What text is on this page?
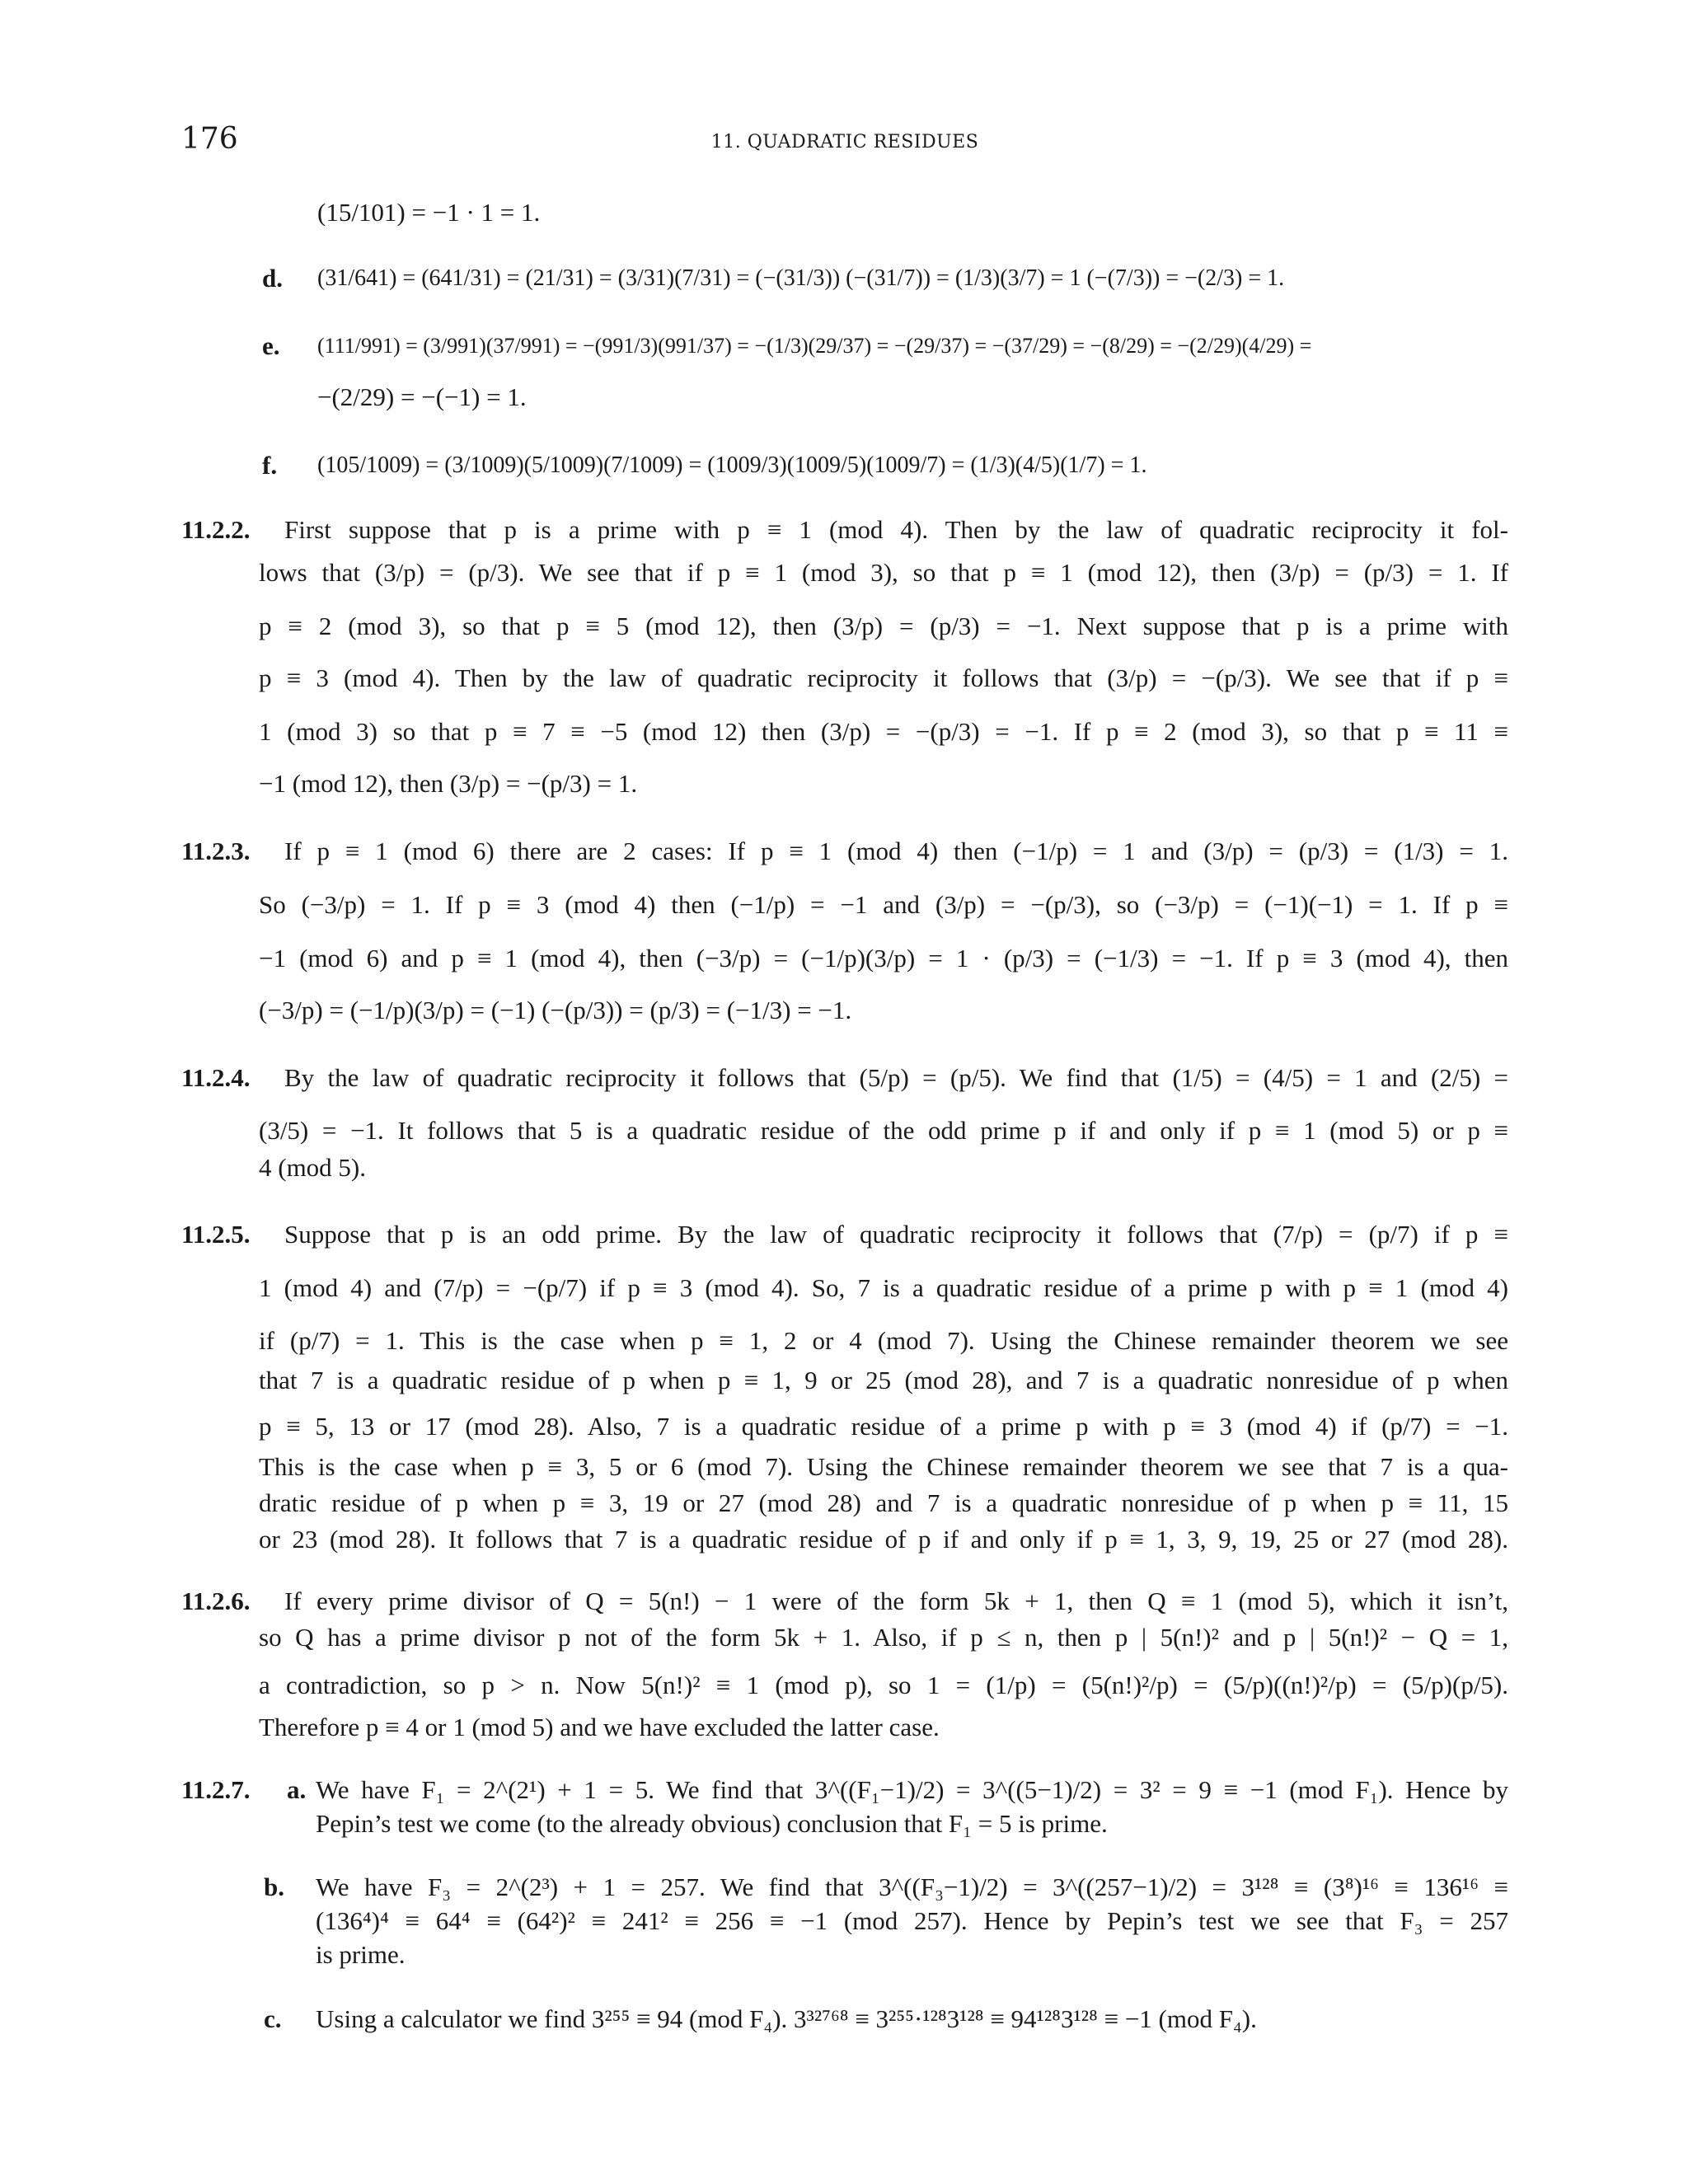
176	11. QUADRATIC RESIDUES
(15/101) = −1 · 1 = 1.
d. (31/641) = (641/31) = (21/31) = (3/31)(7/31) = (−(31/3)) (−(31/7)) = (1/3)(3/7) = 1 (−(7/3)) = −(2/3) = 1.
e. (111/991) = (3/991)(37/991) = −(991/3)(991/37) = −(1/3)(29/37) = −(29/37) = −(37/29) = −(8/29) = −(2/29)(4/29) =
−(2/29) = −(−1) = 1.
f. (105/1009) = (3/1009)(5/1009)(7/1009) = (1009/3)(1009/5)(1009/7) = (1/3)(4/5)(1/7) = 1.
11.2.2. First suppose that p is a prime with p ≡ 1 (mod 4). Then by the law of quadratic reciprocity it fol-
lows that (3/p) = (p/3). We see that if p ≡ 1 (mod 3), so that p ≡ 1 (mod 12), then (3/p) = (p/3) = 1. If
p ≡ 2 (mod 3), so that p ≡ 5 (mod 12), then (3/p) = (p/3) = −1. Next suppose that p is a prime with
p ≡ 3 (mod 4). Then by the law of quadratic reciprocity it follows that (3/p) = −(p/3). We see that if p ≡
1 (mod 3) so that p ≡ 7 ≡ −5 (mod 12) then (3/p) = −(p/3) = −1. If p ≡ 2 (mod 3), so that p ≡ 11 ≡
−1 (mod 12), then (3/p) = −(p/3) = 1.
11.2.3. If p ≡ 1 (mod 6) there are 2 cases: If p ≡ 1 (mod 4) then (−1/p) = 1 and (3/p) = (p/3) = (1/3) = 1.
So (−3/p) = 1. If p ≡ 3 (mod 4) then (−1/p) = −1 and (3/p) = −(p/3), so (−3/p) = (−1)(−1) = 1. If p ≡
−1 (mod 6) and p ≡ 1 (mod 4), then (−3/p) = (−1/p)(3/p) = 1 · (p/3) = (−1/3) = −1. If p ≡ 3 (mod 4), then
(−3/p) = (−1/p)(3/p) = (−1) (−(p/3)) = (p/3) = (−1/3) = −1.
11.2.4. By the law of quadratic reciprocity it follows that (5/p) = (p/5). We find that (1/5) = (4/5) = 1 and (2/5) =
(3/5) = −1. It follows that 5 is a quadratic residue of the odd prime p if and only if p ≡ 1 (mod 5) or p ≡
4 (mod 5).
11.2.5. Suppose that p is an odd prime. By the law of quadratic reciprocity it follows that (7/p) = (p/7) if p ≡
1 (mod 4) and (7/p) = −(p/7) if p ≡ 3 (mod 4). So, 7 is a quadratic residue of a prime p with p ≡ 1 (mod 4)
if (p/7) = 1. This is the case when p ≡ 1, 2 or 4 (mod 7). Using the Chinese remainder theorem we see
that 7 is a quadratic residue of p when p ≡ 1, 9 or 25 (mod 28), and 7 is a quadratic nonresidue of p when
p ≡ 5, 13 or 17 (mod 28). Also, 7 is a quadratic residue of a prime p with p ≡ 3 (mod 4) if (p/7) = −1.
This is the case when p ≡ 3, 5 or 6 (mod 7). Using the Chinese remainder theorem we see that 7 is a qua-
dratic residue of p when p ≡ 3, 19 or 27 (mod 28) and 7 is a quadratic nonresidue of p when p ≡ 11, 15
or 23 (mod 28). It follows that 7 is a quadratic residue of p if and only if p ≡ 1, 3, 9, 19, 25 or 27 (mod 28).
11.2.6. If every prime divisor of Q = 5(n!) − 1 were of the form 5k + 1, then Q ≡ 1 (mod 5), which it isn’t,
so Q has a prime divisor p not of the form 5k + 1. Also, if p ≤ n, then p | 5(n!)² and p | 5(n!)² − Q = 1,
a contradiction, so p > n. Now 5(n!)² ≡ 1 (mod p), so 1 = (1/p) = (5(n!)²/p) = (5/p)((n!)²/p) = (5/p)(p/5).
Therefore p ≡ 4 or 1 (mod 5) and we have excluded the latter case.
11.2.7. a. We have F₁ = 2^(2¹) + 1 = 5. We find that 3^((F₁−1)/2) = 3^((5−1)/2) = 3² = 9 ≡ −1 (mod F₁). Hence by
Pepin’s test we come (to the already obvious) conclusion that F₁ = 5 is prime.
b. We have F₃ = 2^(2³) + 1 = 257. We find that 3^((F₃−1)/2) = 3^((257−1)/2) = 3¹²⁸ ≡ (3⁸)¹⁶ ≡ 136¹⁶ ≡
(136⁴)⁴ ≡ 64⁴ ≡ (64²)² ≡ 241² ≡ 256 ≡ −1 (mod 257). Hence by Pepin’s test we see that F₃ = 257
is prime.
c. Using a calculator we find 3²⁵⁵ ≡ 94 (mod F₄). 3³²⁷⁶⁸ ≡ 3²⁵⁵·¹²⁸3¹²⁸ ≡ 94¹²⁸3¹²⁸ ≡ −1 (mod F₄).
